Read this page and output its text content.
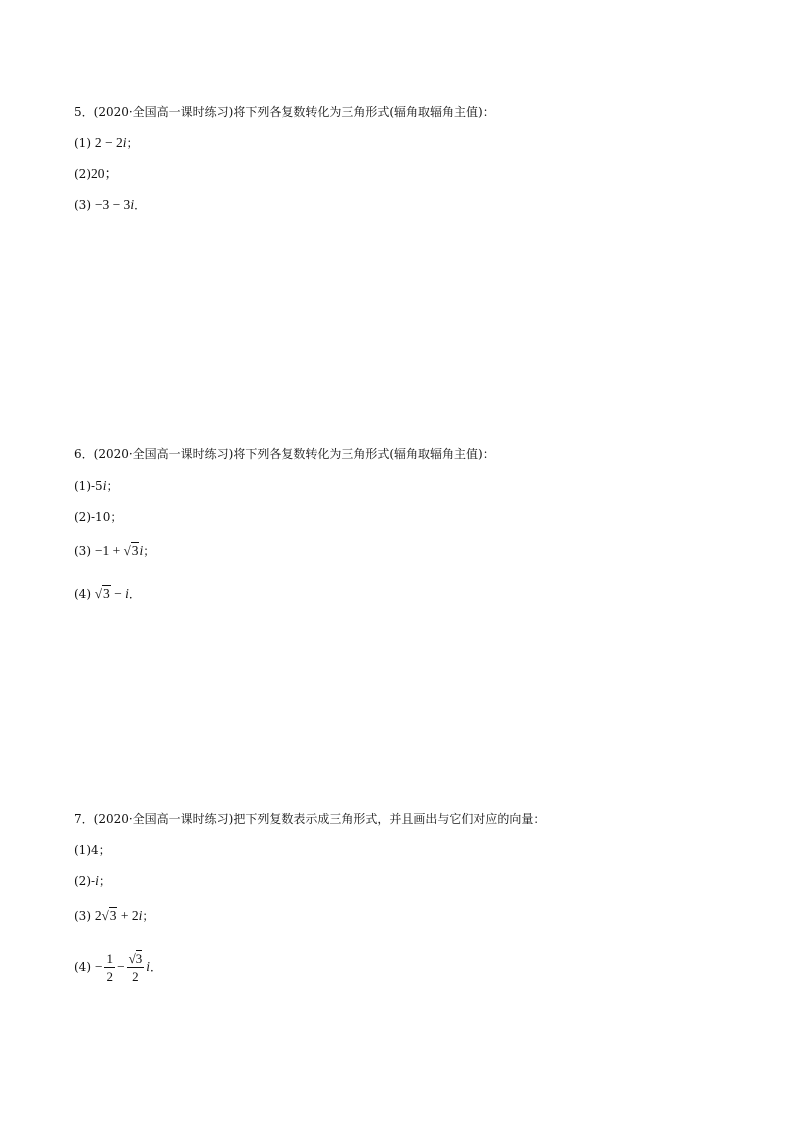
5．(2020·全国高一课时练习)将下列各复数转化为三角形式(辐角取辐角主值)：
(1) 2 − 2i；
(2)20；
(3) −3 − 3i．
6．(2020·全国高一课时练习)将下列各复数转化为三角形式(辐角取辐角主值)：
(1)-5i；
(2)-10；
(3) −1 + √3i；
(4) √3 − i．
7．(2020·全国高一课时练习)把下列复数表示成三角形式，并且画出与它们对应的向量：
(1)4；
(2)-i；
(3) 2√3 + 2i；
$(4) - \frac{1}{2} - \frac{√3}{2}$ i．
